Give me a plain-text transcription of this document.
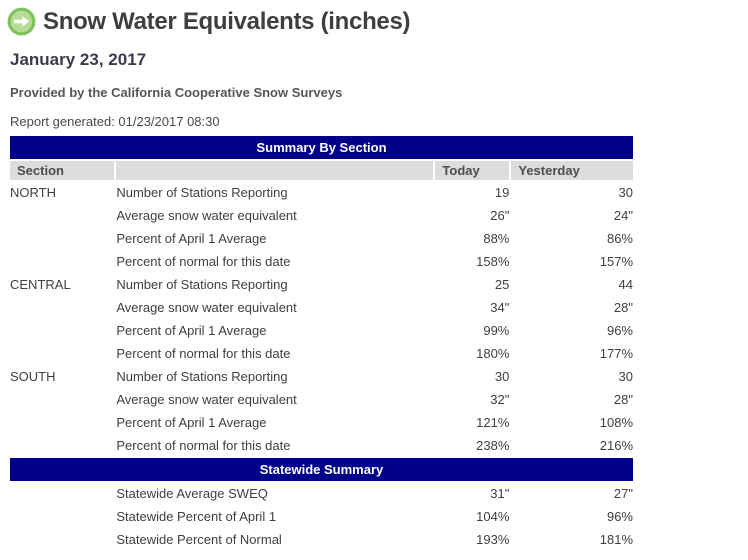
Snow Water Equivalents (inches)
January 23, 2017
Provided by the California Cooperative Snow Surveys
Report generated: 01/23/2017 08:30
Summary By Section			
Section		Today	Yesterday
NORTH	Number of Stations Reporting	19	30
	Average snow water equivalent	26"	24"
	Percent of April 1 Average	88%	86%
	Percent of normal for this date	158%	157%
CENTRAL	Number of Stations Reporting	25	44
	Average snow water equivalent	34"	28"
	Percent of April 1 Average	99%	96%
	Percent of normal for this date	180%	177%
SOUTH	Number of Stations Reporting	30	30
	Average snow water equivalent	32"	28"
	Percent of April 1 Average	121%	108%
	Percent of normal for this date	238%	216%
Statewide Summary			
	Statewide Average SWEQ	31"	27"
	Statewide Percent of April 1	104%	96%
	Statewide Percent of Normal	193%	181%
